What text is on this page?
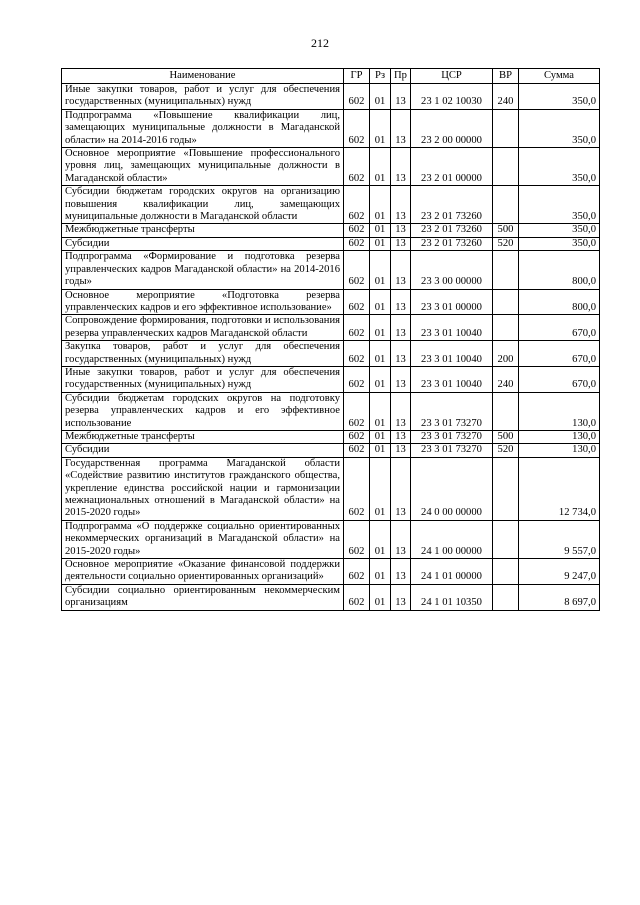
212
Наименование	ГР	Рз	Пр	ЦСР	ВР	Сумма
Иные закупки товаров, работ и услуг для обеспечения государственных (муниципальных) нужд	602	01	13	23 1 02 10030	240	350,0
Подпрограмма «Повышение квалификации лиц, замещающих муниципальные должности в Магаданской области» на 2014-2016 годы»	602	01	13	23 2 00 00000		350,0
Основное мероприятие «Повышение профессионального уровня лиц, замещающих муниципальные должности в Магаданской области»	602	01	13	23 2 01 00000		350,0
Субсидии бюджетам городских округов на организацию повышения квалификации лиц, замещающих муниципальные должности в Магаданской области	602	01	13	23 2 01 73260		350,0
Межбюджетные трансферты	602	01	13	23 2 01 73260	500	350,0
Субсидии	602	01	13	23 2 01 73260	520	350,0
Подпрограмма «Формирование и подготовка резерва управленческих кадров Магаданской области» на 2014-2016 годы»	602	01	13	23 3 00 00000		800,0
Основное мероприятие «Подготовка резерва управленческих кадров и его эффективное использование»	602	01	13	23 3 01 00000		800,0
Сопровождение формирования, подготовки и использования резерва управленческих кадров Магаданской области	602	01	13	23 3 01 10040		670,0
Закупка товаров, работ и услуг для обеспечения государственных (муниципальных) нужд	602	01	13	23 3 01 10040	200	670,0
Иные закупки товаров, работ и услуг для обеспечения государственных (муниципальных) нужд	602	01	13	23 3 01 10040	240	670,0
Субсидии бюджетам городских округов на подготовку резерва управленческих кадров и его эффективное использование	602	01	13	23 3 01 73270		130,0
Межбюджетные трансферты	602	01	13	23 3 01 73270	500	130,0
Субсидии	602	01	13	23 3 01 73270	520	130,0
Государственная программа Магаданской области «Содействие развитию институтов гражданского общества, укрепление единства российской нации и гармонизации межнациональных отношений в Магаданской области» на 2015-2020 годы»	602	01	13	24 0 00 00000		12 734,0
Подпрограмма «О поддержке социально ориентированных некоммерческих организаций в Магаданской области» на 2015-2020 годы»	602	01	13	24 1 00 00000		9 557,0
Основное мероприятие «Оказание финансовой поддержки деятельности социально ориентированных организаций»	602	01	13	24 1 01 00000		9 247,0
Субсидии социально ориентированным некоммерческим организациям	602	01	13	24 1 01 10350		8 697,0
